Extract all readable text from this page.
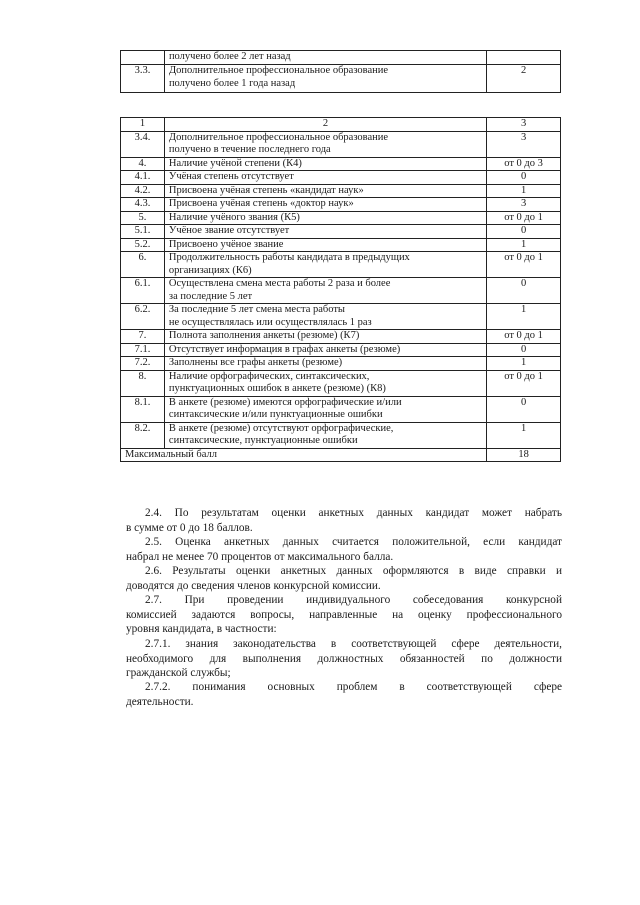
	получено более 2 лет назад	

3.3.	Дополнительное профессиональное образование
получено более 1 года назад	2
1	2	3
3.4.	Дополнительное профессиональное образование
получено в течение последнего года	3
4.	Наличие учёной степени (К4)	от 0 до 3
4.1.	Учёная степень отсутствует	0
4.2.	Присвоена учёная степень «кандидат наук»	1
4.3.	Присвоена учёная степень «доктор наук»	3
5.	Наличие учёного звания (К5)	от 0 до 1
5.1.	Учёное звание отсутствует	0
5.2.	Присвоено учёное звание	1
6.	Продолжительность работы кандидата в предыдущих
организациях (К6)	от 0 до 1
6.1.	Осуществлена смена места работы 2 раза и более
за последние 5 лет	0
6.2.	За последние 5 лет смена места работы
не осуществлялась или осуществлялась 1 раз	1
7.	Полнота заполнения анкеты (резюме) (К7)	от 0 до 1
7.1.	Отсутствует информация в графах анкеты (резюме)	0
7.2.	Заполнены все графы анкеты (резюме)	1
8.	Наличие орфографических, синтаксических,
пунктуационных ошибок в анкете (резюме) (К8)	от 0 до 1
8.1.	В анкете (резюме) имеются орфографические и/или
синтаксические и/или пунктуационные ошибки	0
8.2.	В анкете (резюме) отсутствуют орфографические,
синтаксические, пунктуационные ошибки	1
Максимальный балл		18
2.4. По результатам оценки анкетных данных кандидат может набрать
в сумме от 0 до 18 баллов.
2.5. Оценка анкетных данных считается положительной, если кандидат
набрал не менее 70 процентов от максимального балла.
2.6. Результаты оценки анкетных данных оформляются в виде справки и
доводятся до сведения членов конкурсной комиссии.
2.7. При проведении индивидуального собеседования конкурсной
комиссией задаются вопросы, направленные на оценку профессионального
уровня кандидата, в частности:
2.7.1. знания законодательства в соответствующей сфере деятельности,
необходимого для выполнения должностных обязанностей по должности
гражданской службы;
2.7.2. понимания основных проблем в соответствующей сфере
деятельности.
